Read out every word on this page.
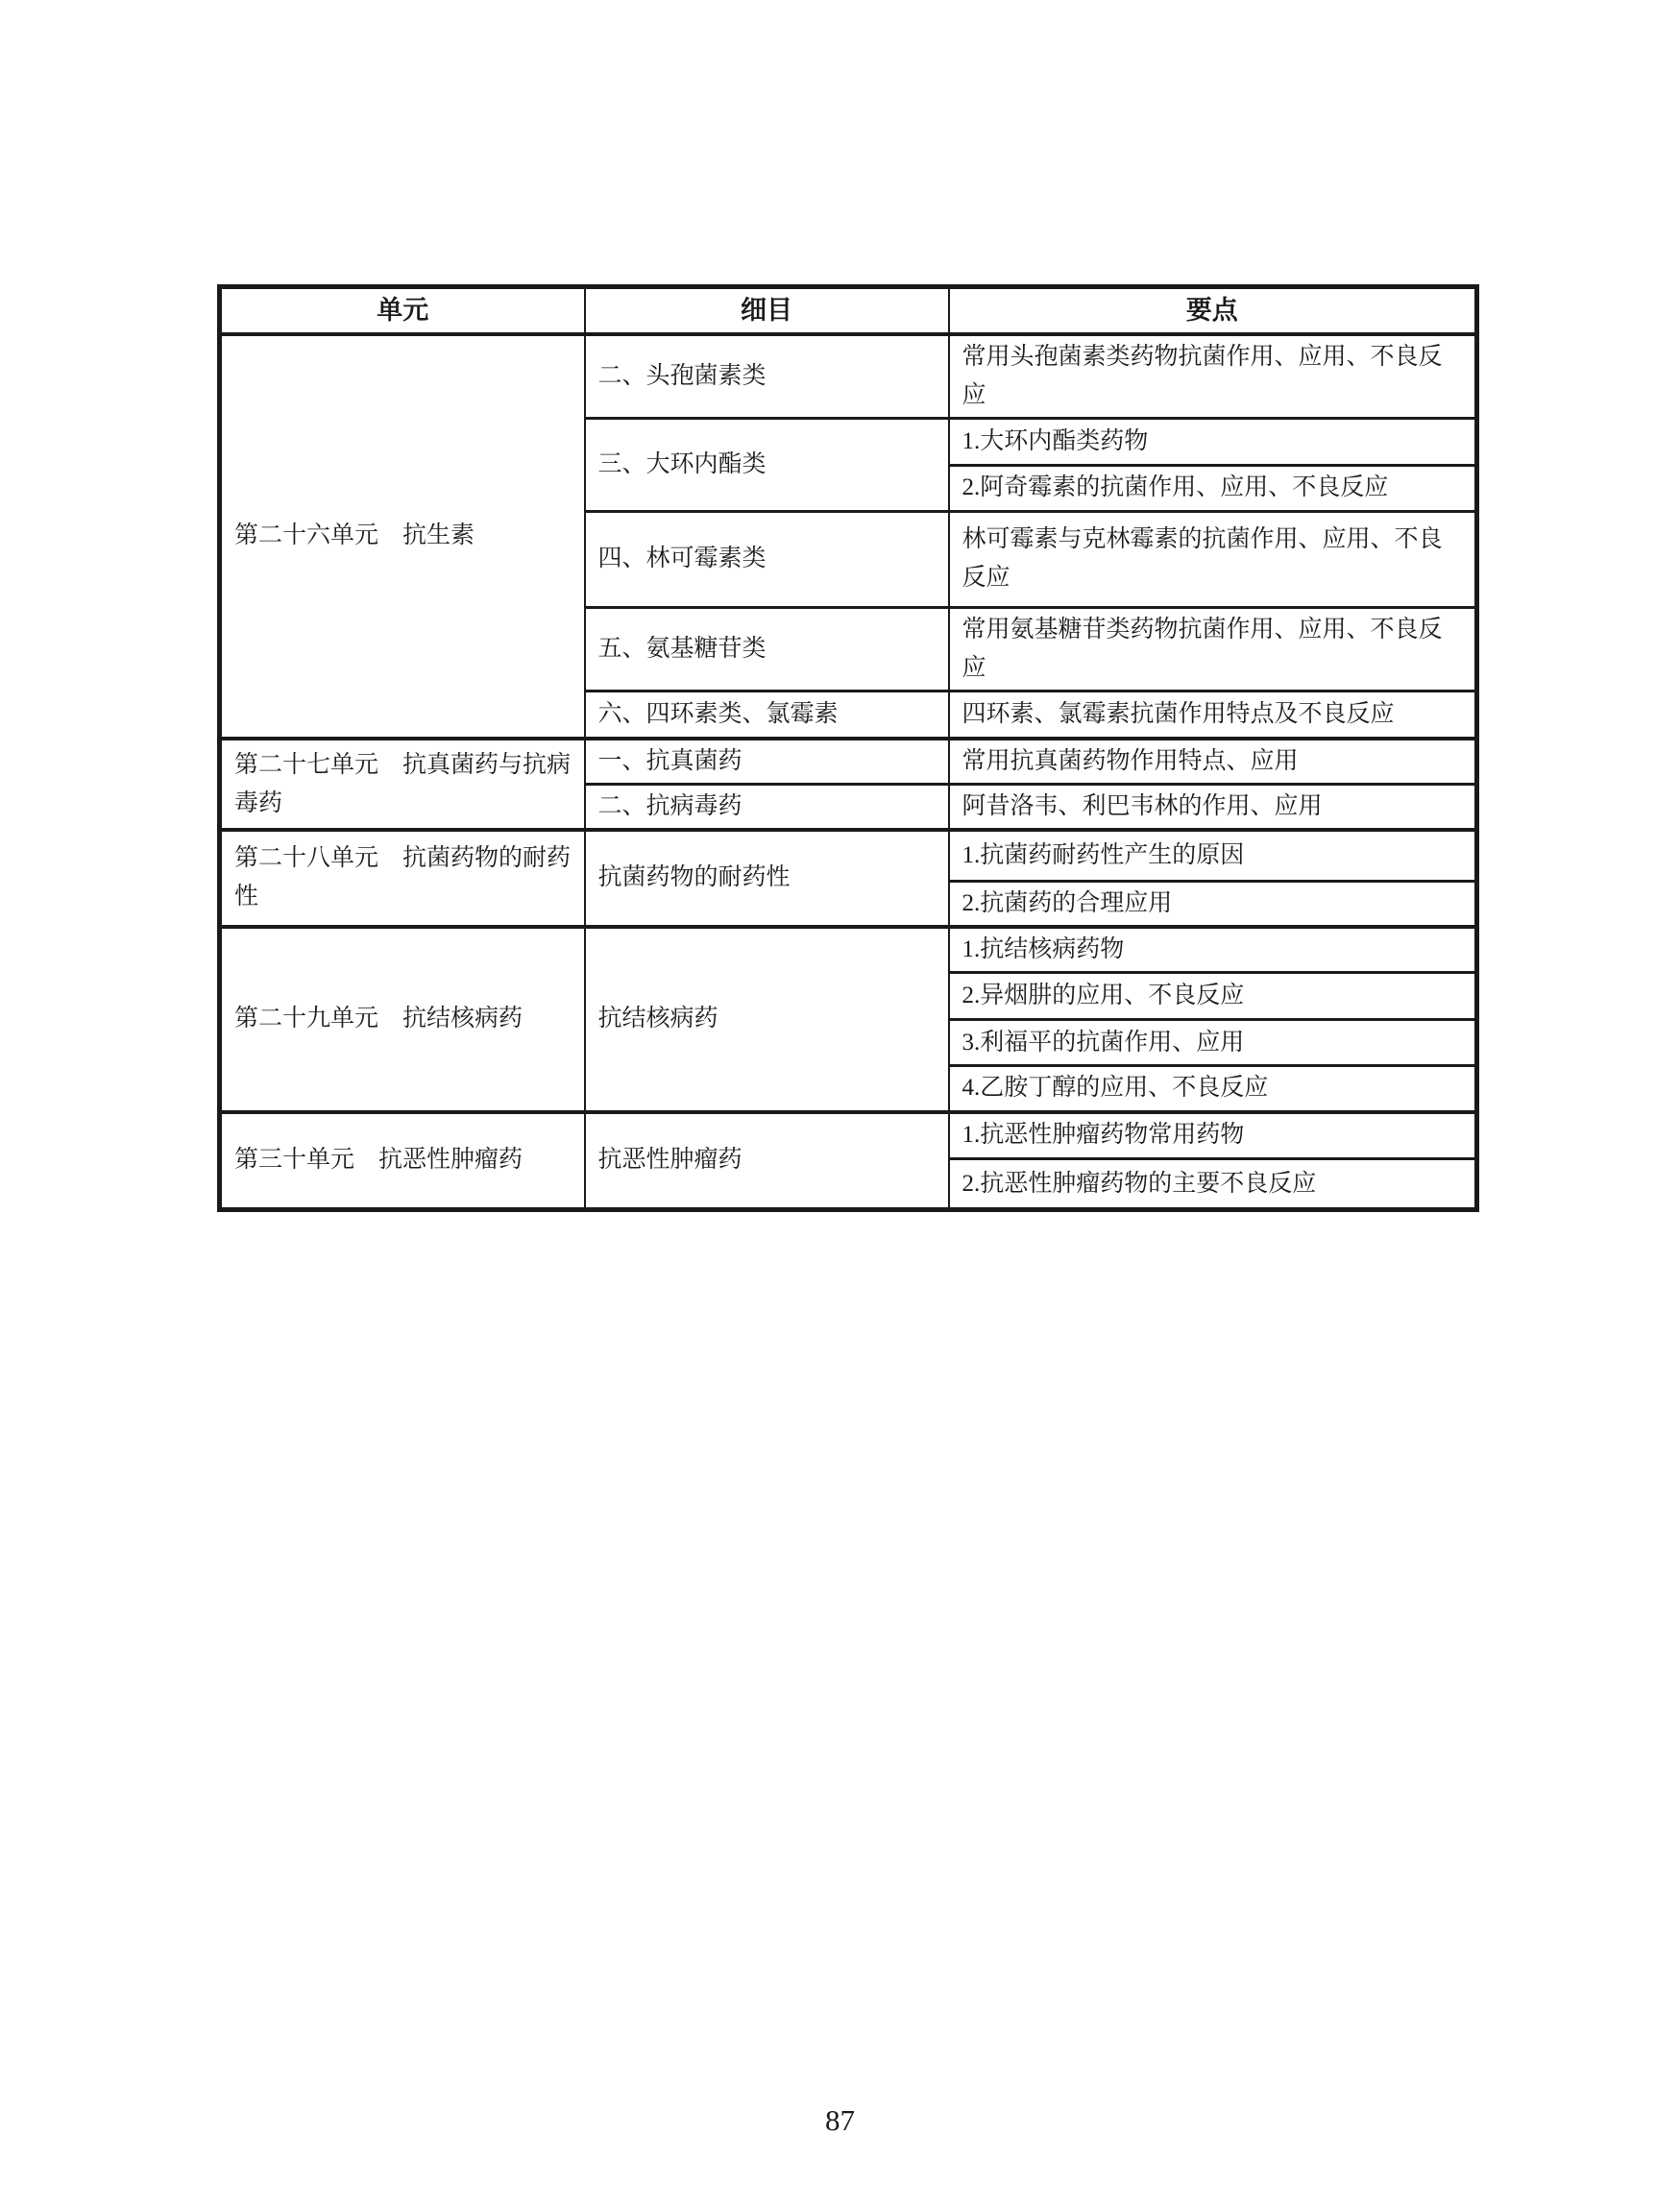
单元	细目	要点
第二十六单元　抗生素	二、头孢菌素类	常用头孢菌素类药物抗菌作用、应用、不良反应
	三、大环内酯类	1.大环内酯类药物
		2.阿奇霉素的抗菌作用、应用、不良反应
	四、林可霉素类	林可霉素与克林霉素的抗菌作用、应用、不良反应
	五、氨基糖苷类	常用氨基糖苷类药物抗菌作用、应用、不良反应
	六、四环素类、氯霉素	四环素、氯霉素抗菌作用特点及不良反应
第二十七单元　抗真菌药与抗病毒药	一、抗真菌药	常用抗真菌药物作用特点、应用
	二、抗病毒药	阿昔洛韦、利巴韦林的作用、应用
第二十八单元　抗菌药物的耐药性	抗菌药物的耐药性	1.抗菌药耐药性产生的原因
		2.抗菌药的合理应用
第二十九单元　抗结核病药	抗结核病药	1.抗结核病药物
		2.异烟肼的应用、不良反应
		3.利福平的抗菌作用、应用
		4.乙胺丁醇的应用、不良反应
第三十单元　抗恶性肿瘤药	抗恶性肿瘤药	1.抗恶性肿瘤药物常用药物
		2.抗恶性肿瘤药物的主要不良反应
87
